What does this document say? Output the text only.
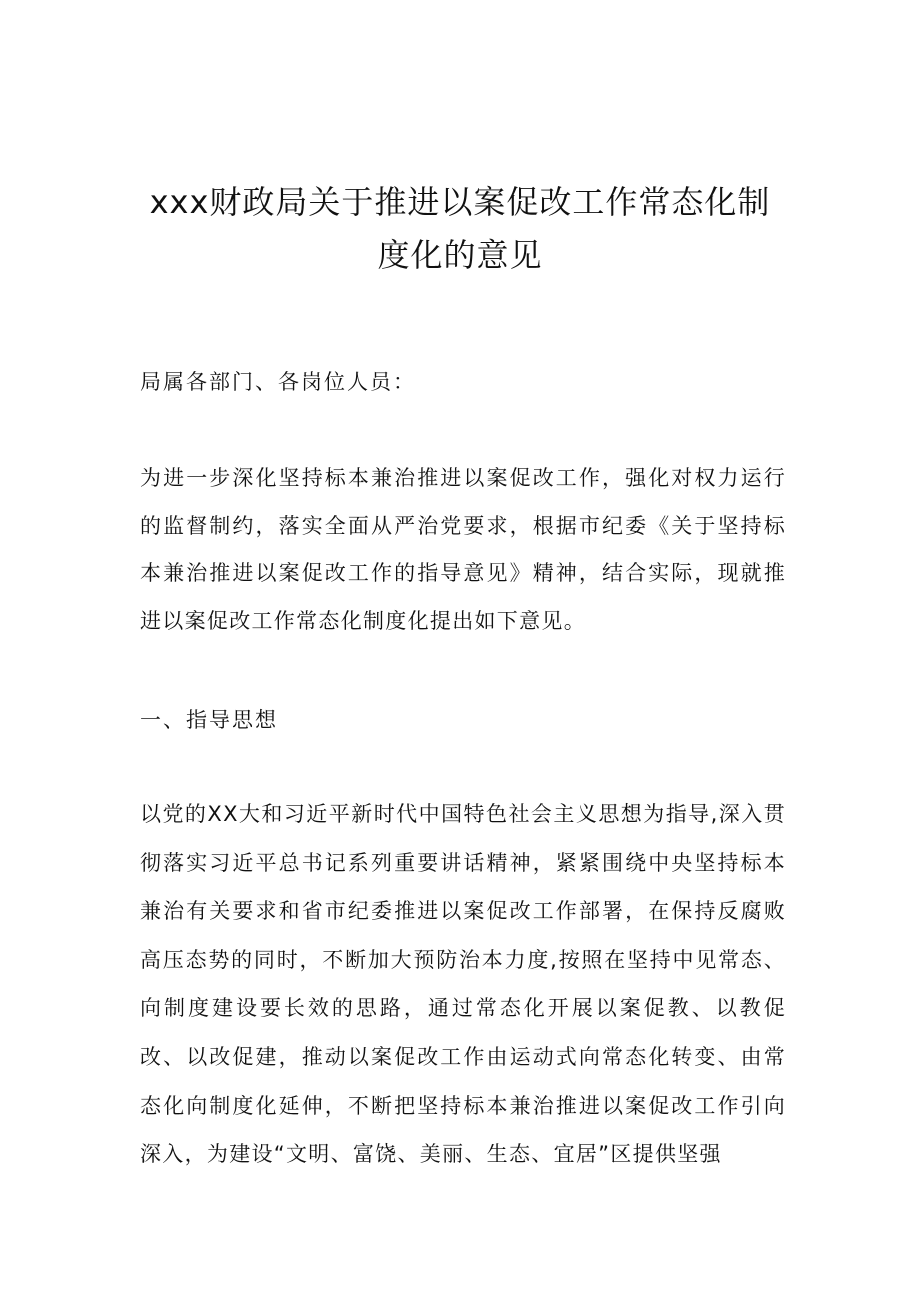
xxx财政局关于推进以案促改工作常态化制度化的意见

局属各部门、各岗位人员：

为进一步深化坚持标本兼治推进以案促改工作，强化对权力运行的监督制约，落实全面从严治党要求，根据市纪委《关于坚持标本兼治推进以案促改工作的指导意见》精神，结合实际，现就推进以案促改工作常态化制度化提出如下意见。

一、指导思想

以党的XX大和习近平新时代中国特色社会主义思想为指导,深入贯彻落实习近平总书记系列重要讲话精神，紧紧围绕中央坚持标本兼治有关要求和省市纪委推进以案促改工作部署，在保持反腐败高压态势的同时，不断加大预防治本力度,按照在坚持中见常态、向制度建设要长效的思路，通过常态化开展以案促教、以教促改、以改促建，推动以案促改工作由运动式向常态化转变、由常态化向制度化延伸，不断把坚持标本兼治推进以案促改工作引向深入，为建设“文明、富饶、美丽、生态、宜居”区提供坚强
